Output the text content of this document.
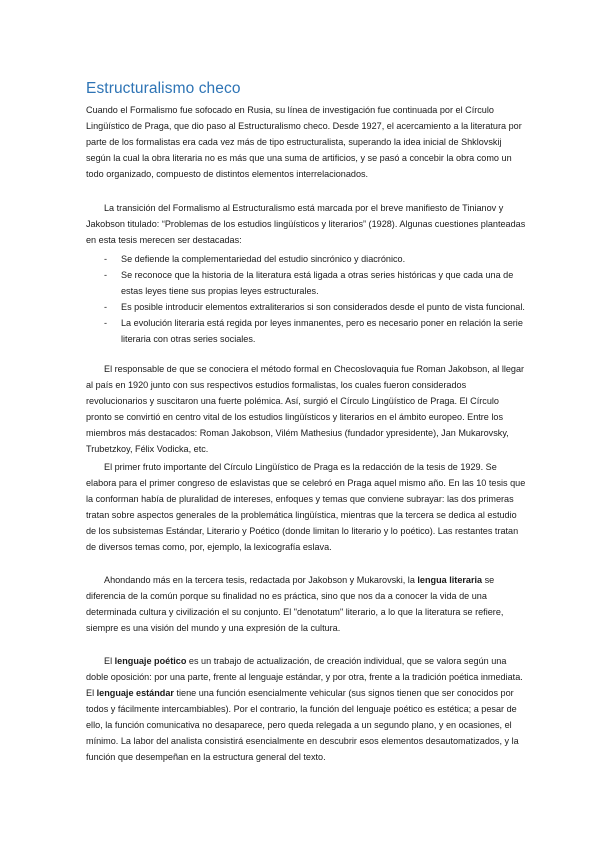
Estructuralismo checo

Cuando el Formalismo fue sofocado en Rusia, su línea de investigación fue continuada por el Círculo Lingüístico de Praga, que dio paso al Estructuralismo checo. Desde 1927, el acercamiento a la literatura por parte de los formalistas era cada vez más de tipo estructuralista, superando la idea inicial de Shklovskij según la cual la obra literaria no es más que una suma de artificios, y se pasó a concebir la obra como un todo organizado, compuesto de distintos elementos interrelacionados.

La transición del Formalismo al Estructuralismo está marcada por el breve manifiesto de Tinianov y Jakobson titulado: “Problemas de los estudios lingüísticos y literarios” (1928). Algunas cuestiones planteadas en esta tesis merecen ser destacadas:

- Se defiende la complementariedad del estudio sincrónico y diacrónico.
- Se reconoce que la historia de la literatura está ligada a otras series históricas y que cada una de estas leyes tiene sus propias leyes estructurales.
- Es posible introducir elementos extraliterarios si son considerados desde el punto de vista funcional.
- La evolución literaria está regida por leyes inmanentes, pero es necesario poner en relación la serie literaria con otras series sociales.

El responsable de que se conociera el método formal en Checoslovaquia fue Roman Jakobson, al llegar al país en 1920 junto con sus respectivos estudios formalistas, los cuales fueron considerados revolucionarios y suscitaron una fuerte polémica. Así, surgió el Círculo Lingüístico de Praga. El Círculo pronto se convirtió en centro vital de los estudios lingüísticos y literarios en el ámbito europeo. Entre los miembros más destacados: Roman Jakobson, Vilém Mathesius (fundador ypresidente), Jan Mukarovsky, Trubetzkoy, Félix Vodicka, etc.

El primer fruto importante del Círculo Lingüístico de Praga es la redacción de la tesis de 1929. Se elabora para el primer congreso de eslavistas que se celebró en Praga aquel mismo año. En las 10 tesis que la conforman había de pluralidad de intereses, enfoques y temas que conviene subrayar: las dos primeras tratan sobre aspectos generales de la problemática lingüística, mientras que la tercera se dedica al estudio de los subsistemas Estándar, Literario y Poético (donde limitan lo literario y lo poético). Las restantes tratan de diversos temas como, por, ejemplo, la lexicografía eslava.

Ahondando más en la tercera tesis, redactada por Jakobson y Mukarovski, la lengua literaria se diferencia de la común porque su finalidad no es práctica, sino que nos da a conocer la vida de una determinada cultura y civilización el su conjunto. El "denotatum" literario, a lo que la literatura se refiere, siempre es una visión del mundo y una expresión de la cultura.

El lenguaje poético es un trabajo de actualización, de creación individual, que se valora según una doble oposición: por una parte, frente al lenguaje estándar, y por otra, frente a la tradición poética inmediata. El lenguaje estándar tiene una función esencialmente vehicular (sus signos tienen que ser conocidos por todos y fácilmente intercambiables). Por el contrario, la función del lenguaje poético es estética; a pesar de ello, la función comunicativa no desaparece, pero queda relegada a un segundo plano, y en ocasiones, el mínimo. La labor del analista consistirá esencialmente en descubrir esos elementos desautomatizados, y la función que desempeñan en la estructura general del texto.
